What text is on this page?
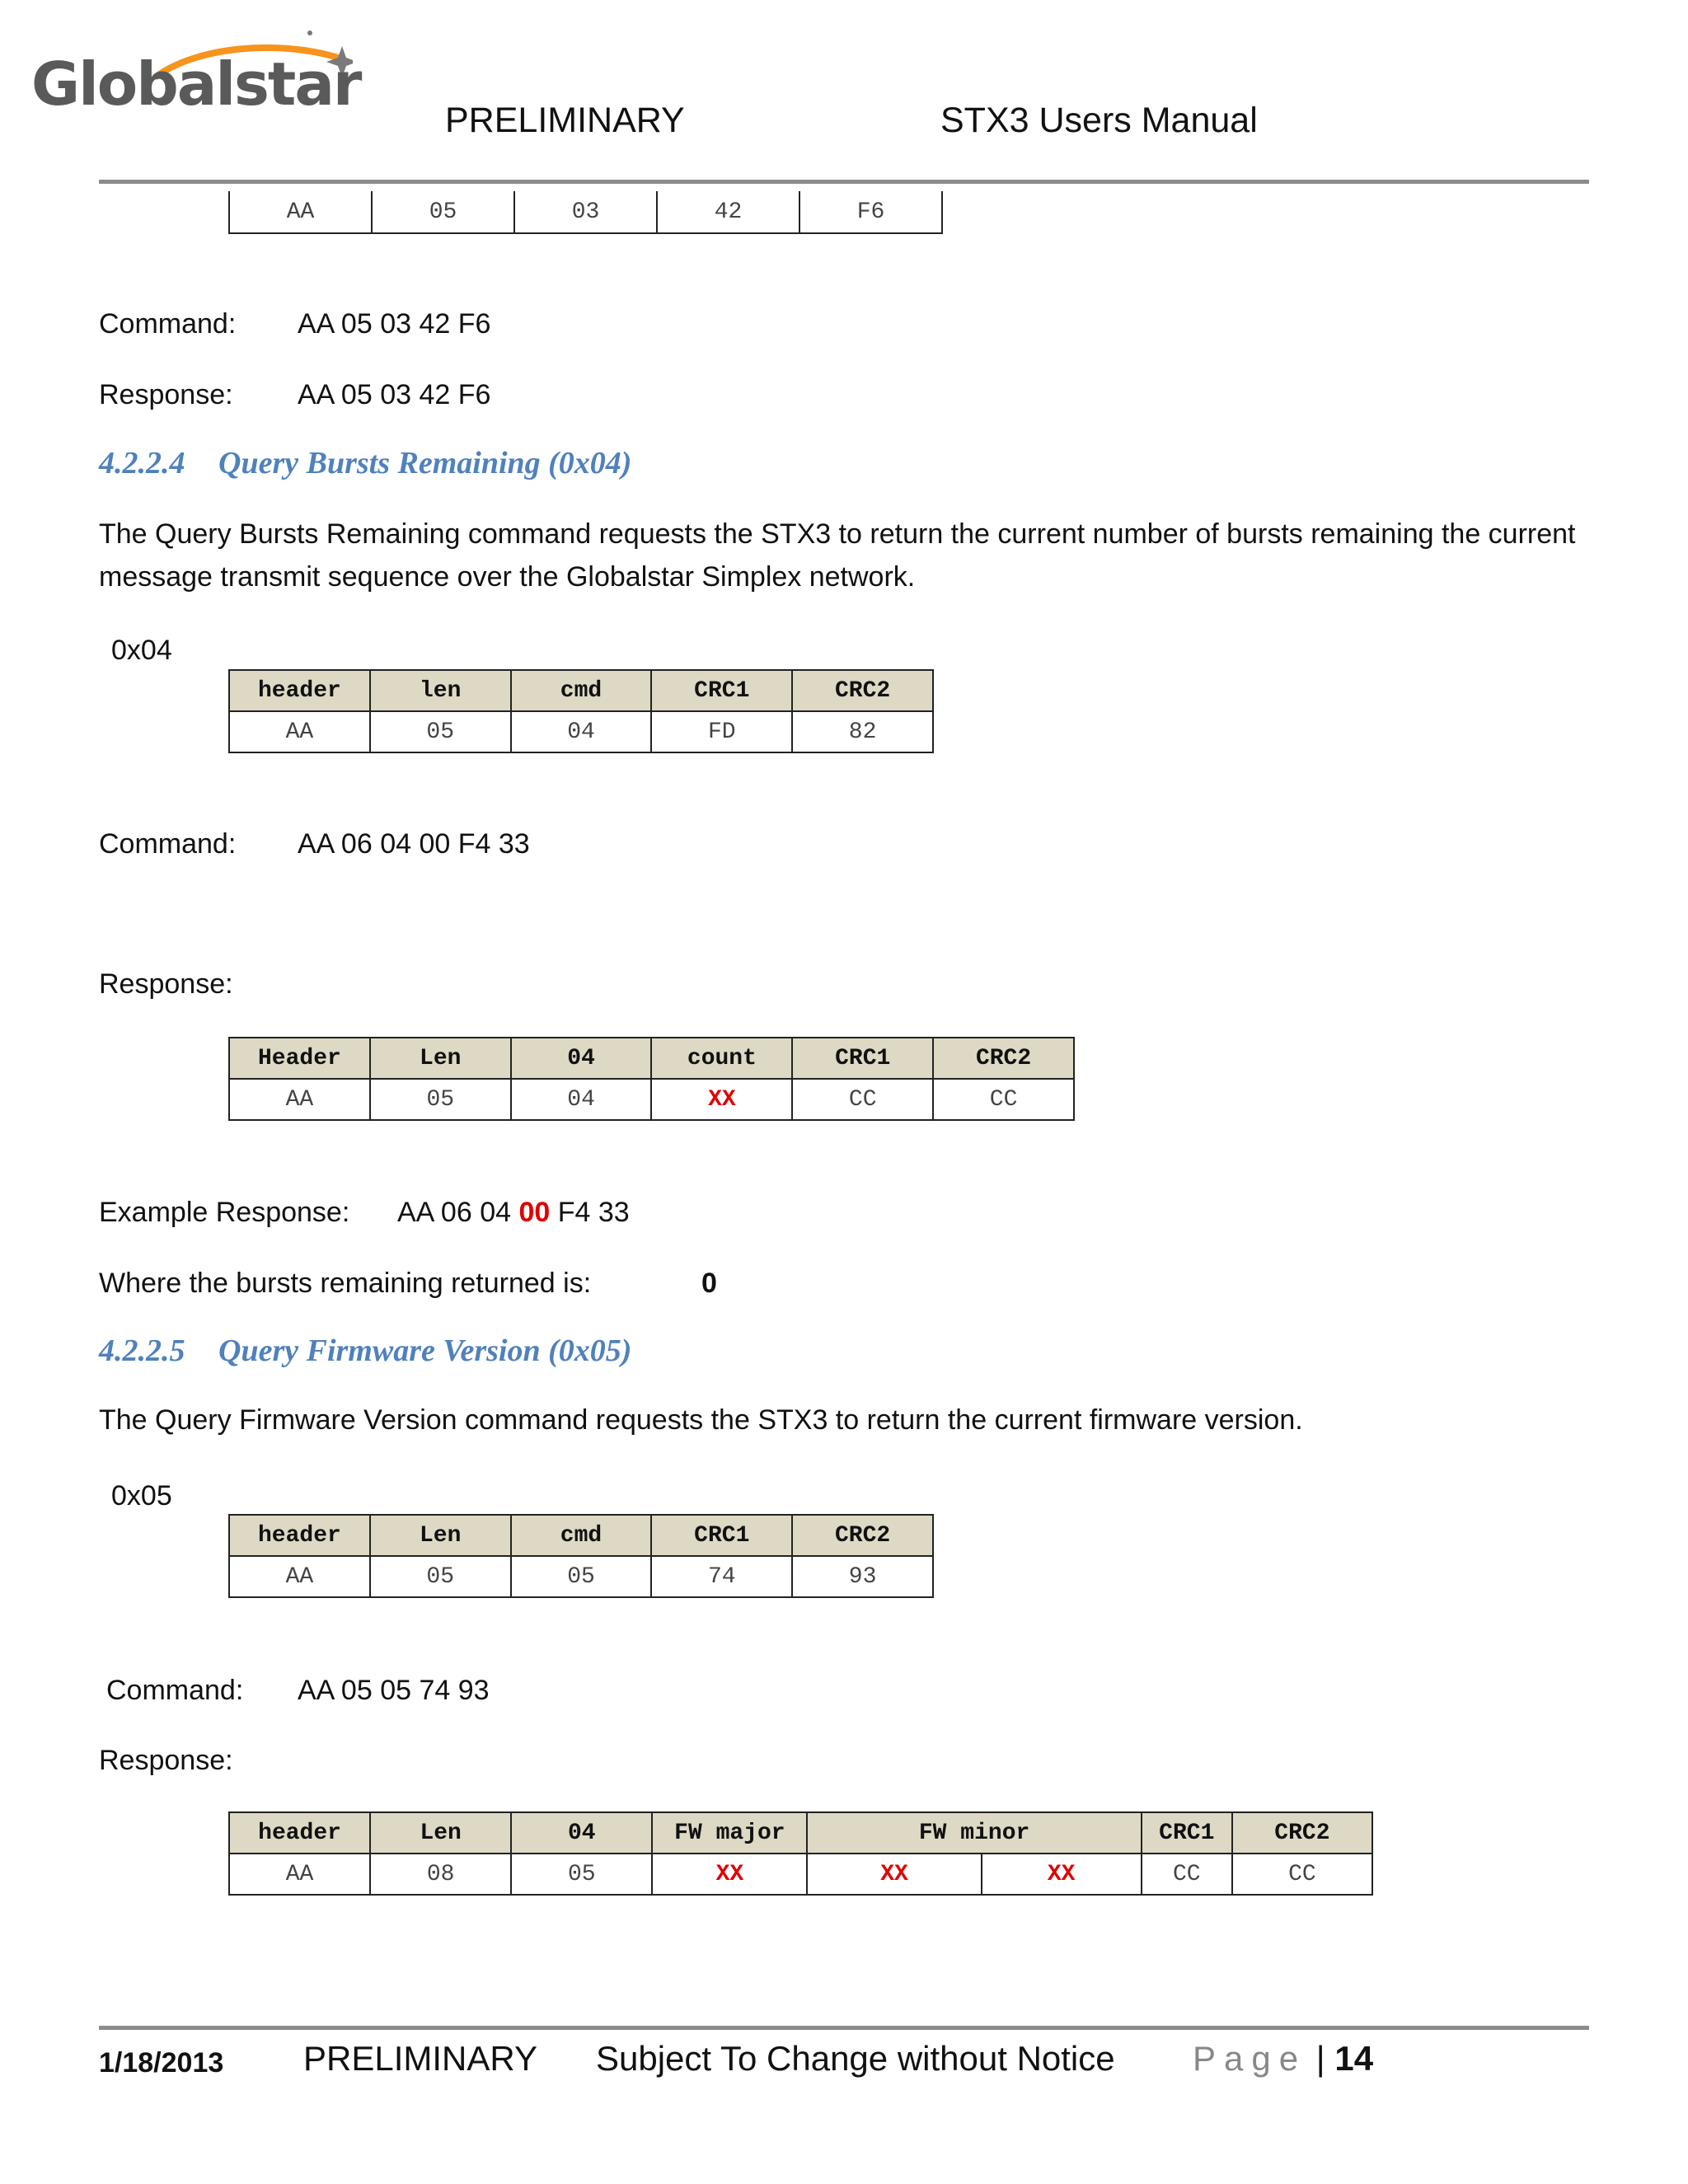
Globalstar
PRELIMINARY	STX3 Users Manual
AA	05	03	42	F6
Command: AA 05 03 42 F6
Response: AA 05 03 42 F6
4.2.2.4 Query Bursts Remaining (0x04)
The Query Bursts Remaining command requests the STX3 to return the current number of bursts remaining the current
message transmit sequence over the Globalstar Simplex network.
0x04
header	len	cmd	CRC1	CRC2
AA	05	04	FD	82
Command: AA 06 04 00 F4 33
Response:
Header	Len	04	count	CRC1	CRC2
AA	05	04	XX	CC	CC
Example Response: AA 06 04 00 F4 33
Where the bursts remaining returned is:	0
4.2.2.5 Query Firmware Version (0x05)
The Query Firmware Version command requests the STX3 to return the current firmware version.
0x05
header	Len	cmd	CRC1	CRC2
AA	05	05	74	93
Command: AA 05 05 74 93
Response:
header	Len	04	FW major	FW minor		CRC1	CRC2
AA	08	05	XX	XX	XX	CC	CC
1/18/2013 PRELIMINARY Subject To Change without Notice Page | 14
